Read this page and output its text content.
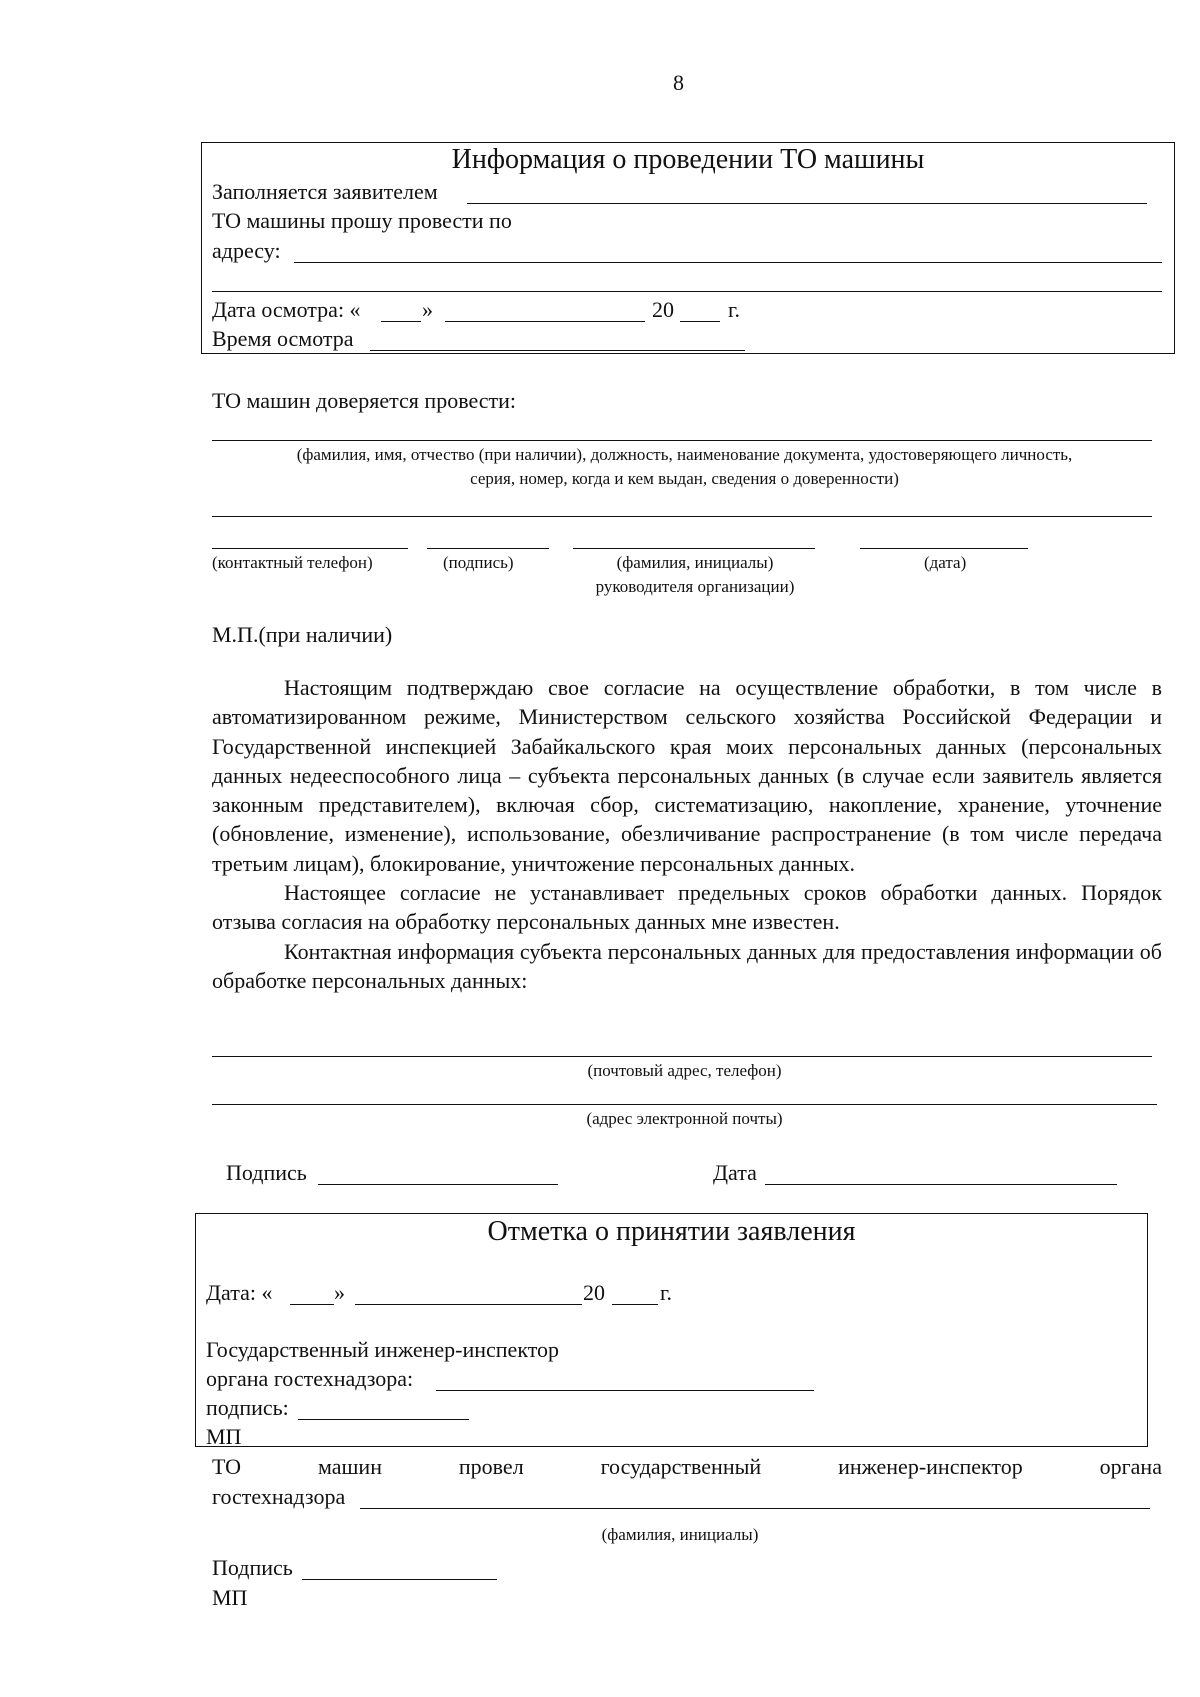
8
Информация о проведении ТО машины
Заполняется заявителем
ТО машины прошу провести по
адресу:
Дата осмотра: «	»	20 г.
Время осмотра
ТО машин доверяется провести:
(фамилия, имя, отчество (при наличии), должность, наименование документа, удостоверяющего личность,
серия, номер, когда и кем выдан, сведения о доверенности)
(контактный телефон)	(подпись)	(фамилия, инициалы)
руководителя организации)
(дата)
М.П.(при наличии)

Настоящим подтверждаю свое согласие на осуществление обработки, в том числе в автоматизированном режиме, Министерством сельского хозяйства Российской Федерации и Государственной инспекцией Забайкальского края моих персональных данных (персональных данных недееспособного лица – субъекта персональных данных (в случае если заявитель является законным представителем), включая сбор, систематизацию, накопление, хранение, уточнение (обновление, изменение), использование, обезличивание распространение (в том числе передача третьим лицам), блокирование, уничтожение персональных данных.

Настоящее согласие не устанавливает предельных сроков обработки данных. Порядок отзыва согласия на обработку персональных данных мне известен.

Контактная информация субъекта персональных данных для предоставления информации об обработке персональных данных:

(почтовый адрес, телефон)
(адрес электронной почты)
Подпись	Дата
Отметка о принятии заявления
Дата: «	»	20	г.
Государственный инженер-инспектор
органа гостехнадзора:
подпись:
МП
ТО	машин	провел	государственный	инженер-инспектор	органа
гостехнадзора
(фамилия, инициалы)
Подпись
МП
